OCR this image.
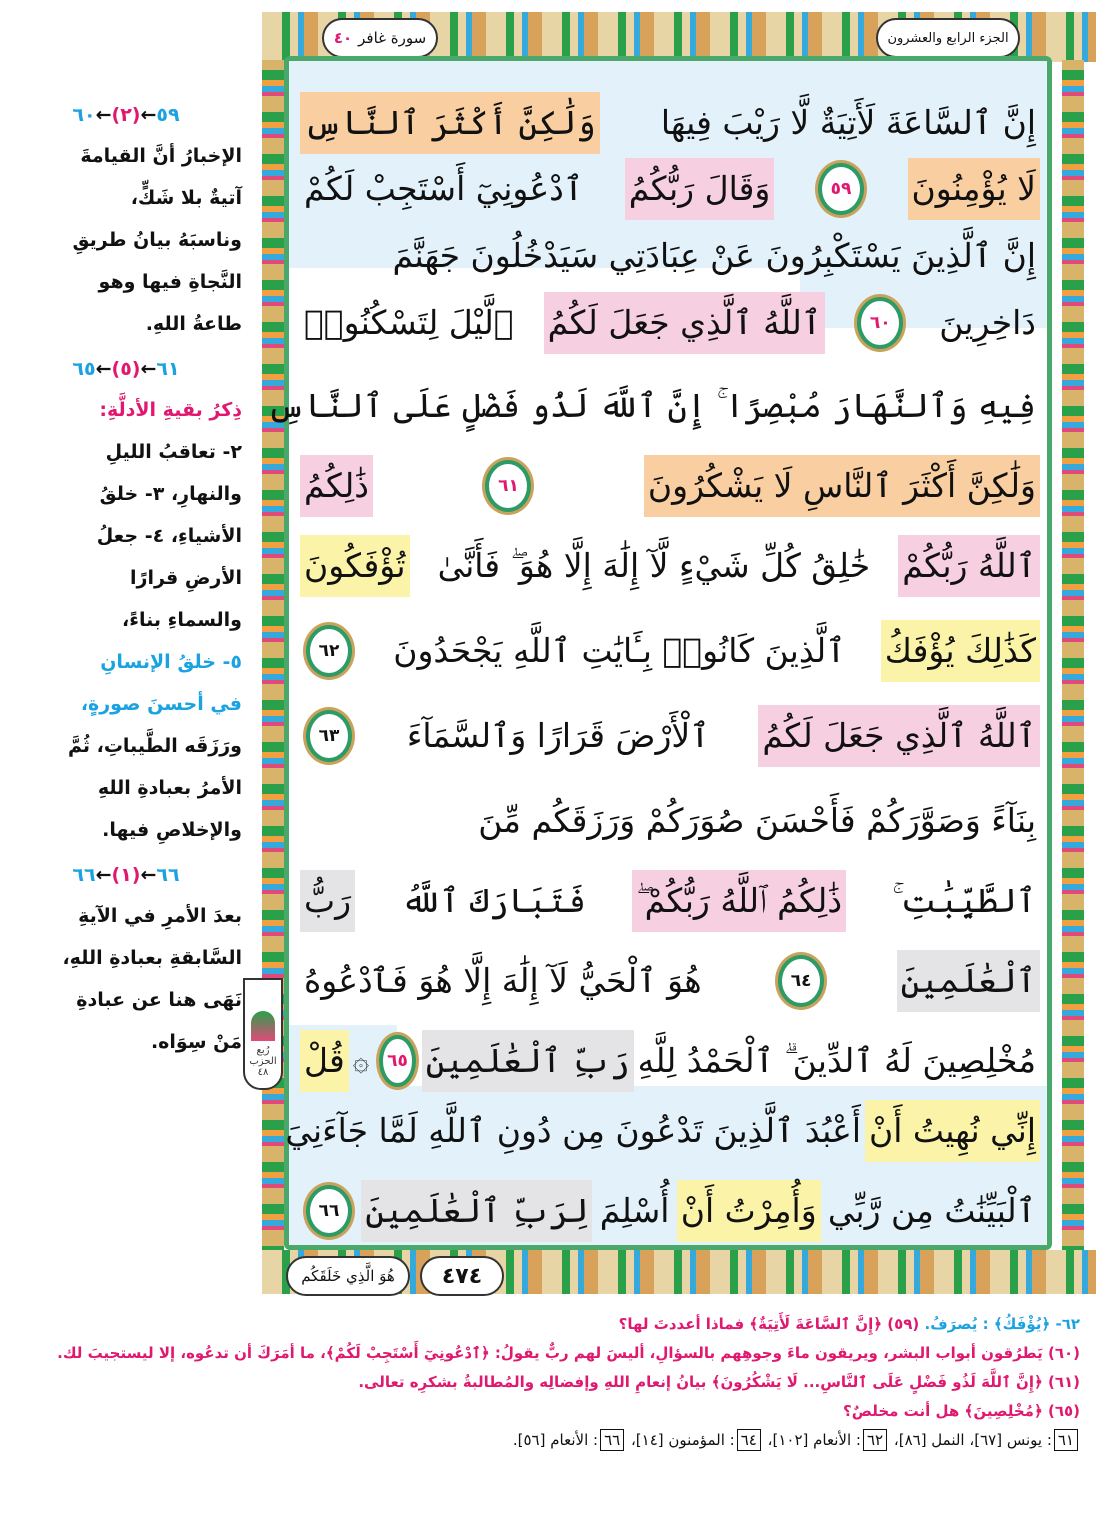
سورة غافر
٤٠	الجزء الرابع والعشرون
إِنَّ ٱلسَّاعَةَ لَأَتِيَةٌ لَّا رَيْبَ فِيهَا
وَلَٰكِنَّ أَكْثَرَ ٱلنَّاسِ
لَا يُؤْمِنُونَ
٥٩
وَقَالَ رَبُّكُمُ
ٱدْعُونِيٓ أَسْتَجِبْ لَكُمْ
إِنَّ ٱلَّذِينَ يَسْتَكْبِرُونَ عَنْ عِبَادَتِي سَيَدْخُلُونَ جَهَنَّمَ
دَاخِرِينَ
٦٠
ٱللَّهُ ٱلَّذِي جَعَلَ لَكُمُ
ٱلَّيْلَ لِتَسْكُنُوا۟
فِيهِ وَٱلنَّهَارَ مُبْصِرًا ۚ إِنَّ ٱللَّهَ لَذُو فَضْلٍ عَلَى ٱلنَّاسِ
وَلَٰكِنَّ أَكْثَرَ ٱلنَّاسِ لَا يَشْكُرُونَ
٦١
ذَٰلِكُمُ
ٱللَّهُ رَبُّكُمْ
خَٰلِقُ كُلِّ شَيْءٍ لَّآ إِلَٰهَ إِلَّا هُوَ ۖ فَأَنَّىٰ
تُؤْفَكُونَ
كَذَٰلِكَ يُؤْفَكُ
ٱلَّذِينَ كَانُوا۟ بِـَٔايَٰتِ ٱللَّهِ يَجْحَدُونَ
٦٢
ٱللَّهُ ٱلَّذِي جَعَلَ لَكُمُ
ٱلْأَرْضَ قَرَارًا وَٱلسَّمَآءَ
٦٣
بِنَآءً وَصَوَّرَكُمْ فَأَحْسَنَ صُوَرَكُمْ وَرَزَقَكُم مِّنَ
ٱلطَّيِّبَٰتِ ۚ
ذَٰلِكُمُ ٱللَّهُ رَبُّكُمْ ۖ
فَتَبَارَكَ ٱللَّهُ
رَبُّ
ٱلْعَٰلَمِينَ
٦٤
هُوَ ٱلْحَيُّ لَآ إِلَٰهَ إِلَّا هُوَ فَٱدْعُوهُ
مُخْلِصِينَ لَهُ ٱلدِّينَ ۗ ٱلْحَمْدُ لِلَّهِ
رَبِّ ٱلْعَٰلَمِينَ
٦٥
۞
قُلْ
إِنِّي نُهِيتُ أَنْ
أَعْبُدَ ٱلَّذِينَ تَدْعُونَ مِن دُونِ ٱللَّهِ لَمَّا جَآءَنِيَ
ٱلْبَيِّنَٰتُ مِن رَّبِّي
وَأُمِرْتُ أَنْ
أُسْلِمَ
لِرَبِّ ٱلْعَٰلَمِينَ
٦٦
٤٧٤
هُوَ الَّذِي خَلَقَكُم
٥٩←(٢)←٦٠
الإخبارُ أنَّ القيامةَ
آتيةٌ بلا شَكٍّ،
وناسبَهُ بيانُ طريقِ
النَّجاةِ فيها وهو
طاعةُ اللهِ.
٦١←(٥)←٦٥
ذِكرُ بقيةِ الأدلَّةِ:
٢- تعاقبُ الليلِ
والنهارِ، ٣- خلقُ
الأشياءِ، ٤- جعلُ
الأرضِ قرارًا
والسماءِ بناءً،
٥- خلقُ الإنسانِ
في أحسنَ صورةٍ،
ورَزَقَه الطَّيباتِ، ثُمَّ
الأمرُ بعبادةِ اللهِ
والإخلاصِ فيها.
٦٦←(١)←٦٦
بعدَ الأمرِ في الآيةِ
السَّابقةِ بعبادةِ اللهِ،
نَهَى هنا عن عبادةِ
مَنْ سِوَاه. رُبع
الحزب
٤٨
٦٢- ﴿يُؤْفَكُ﴾ : يُصرَفُ. (٥٩) ﴿إِنَّ ٱلسَّاعَةَ لَأَتِيَةٌ﴾ فماذا أعددتَ لها؟
(٦٠) يَطرُقون أبواب البشر، ويريقون ماءَ وجوهِهم بالسؤالِ، أليسَ لهم ربٌّ يقولُ: ﴿ٱدْعُونِيٓ أَسْتَجِبْ لَكُمْ﴾، ما أمَرَكَ أن تدعُوه، إلا ليستجيبَ لك.
(٦١) ﴿إِنَّ ٱللَّهَ لَذُو فَضْلٍ عَلَى ٱلنَّاسِ... لَا يَشْكُرُونَ﴾ بيانُ إنعامِ اللهِ وإفضالِه والمُطالبةُ بشكرِه تعالى.
(٦٥) ﴿مُخْلِصِينَ﴾ هل أنت مخلصٌ؟
٦١: يونس [٦٧]، النمل [٨٦]، ٦٢: الأنعام [١٠٢]، ٦٤: المؤمنون [١٤]، ٦٦: الأنعام [٥٦].
